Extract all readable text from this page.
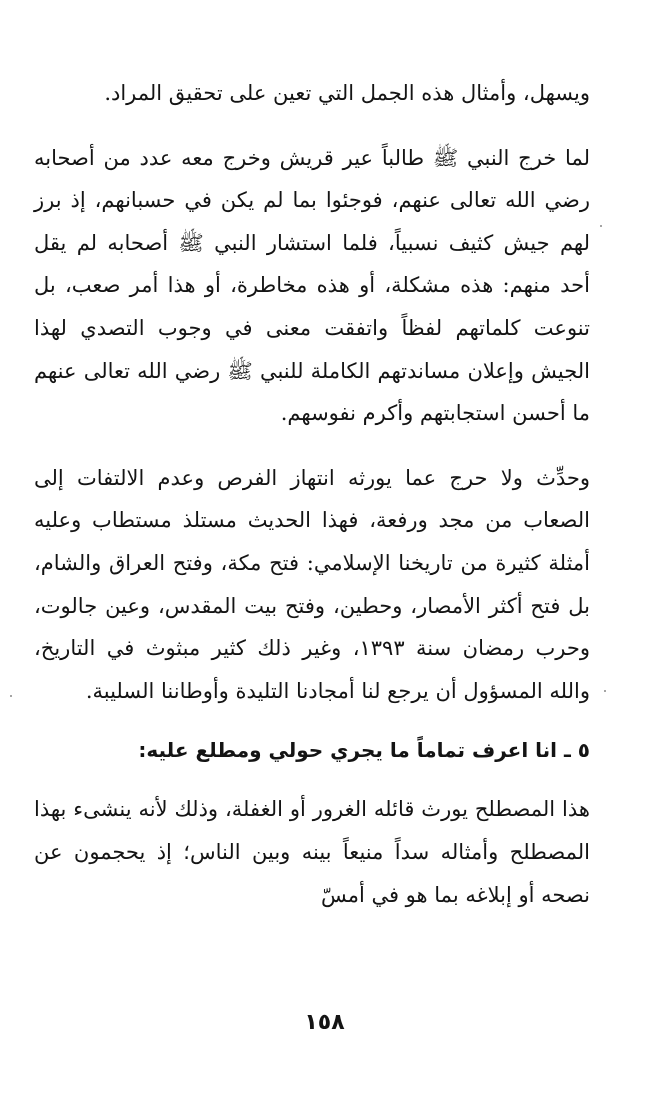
ويسهل، وأمثال هذه الجمل التي تعين على تحقيق المراد.

لما خرج النبي ﷺ طالباً عير قريش وخرج معه عدد من أصحابه رضي الله تعالى عنهم، فوجئوا بما لم يكن في حسبانهم، إذ برز لهم جيش كثيف نسبياً، فلما استشار النبي ﷺ أصحابه لم يقل أحد منهم: هذه مشكلة، أو هذه مخاطرة، أو هذا أمر صعب، بل تنوعت كلماتهم لفظاً واتفقت معنى في وجوب التصدي لهذا الجيش وإعلان مساندتهم الكاملة للنبي ﷺ رضي الله تعالى عنهم ما أحسن استجابتهم وأكرم نفوسهم.

وحدِّث ولا حرج عما يورثه انتهاز الفرص وعدم الالتفات إلى الصعاب من مجد ورفعة، فهذا الحديث مستلذ مستطاب وعليه أمثلة كثيرة من تاريخنا الإسلامي: فتح مكة، وفتح العراق والشام، بل فتح أكثر الأمصار، وحطين، وفتح بيت المقدس، وعين جالوت، وحرب رمضان سنة ١٣٩٣، وغير ذلك كثير مبثوث في التاريخ، والله المسؤول أن يرجع لنا أمجادنا التليدة وأوطاننا السليبة.

٥ ـ انا اعرف تماماً ما يجري حولي ومطلع عليه:

هذا المصطلح يورث قائله الغرور أو الغفلة، وذلك لأنه ينشىء بهذا المصطلح وأمثاله سداً منيعاً بينه وبين الناس؛ إذ يحجمون عن نصحه أو إبلاغه بما هو في أمسّ

١٥٨
